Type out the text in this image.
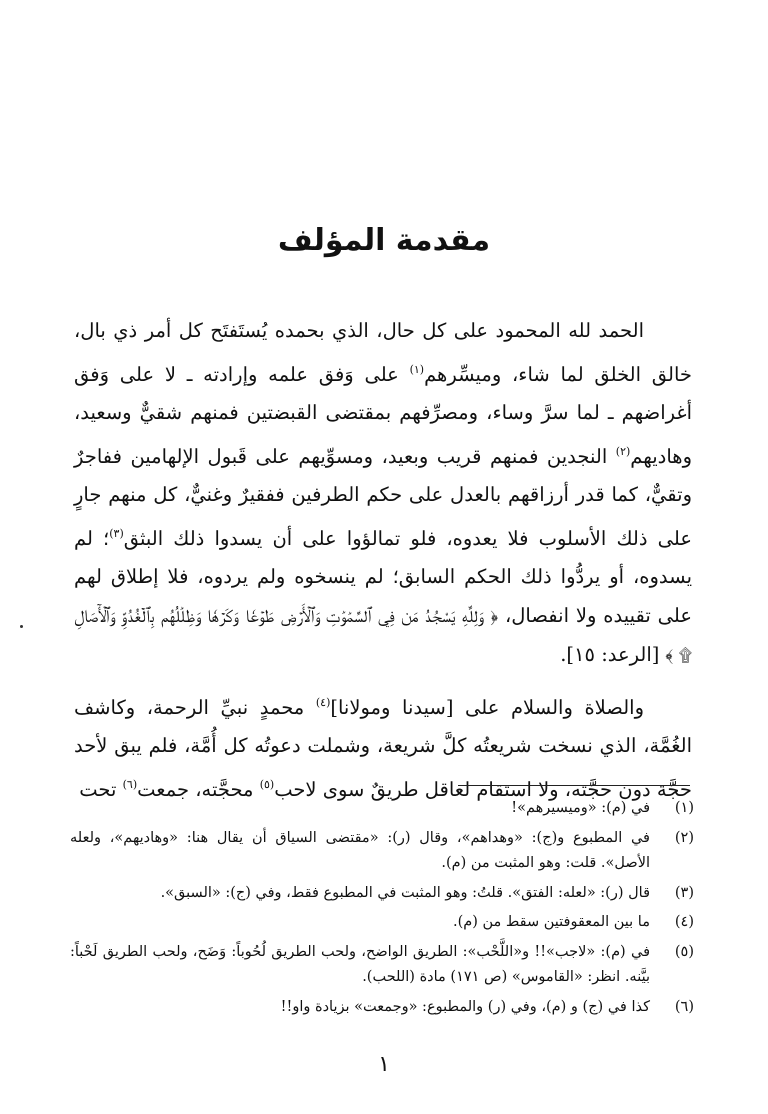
مقدمة المؤلف

الحمد لله المحمود على كل حال، الذي بحمده يُستَفتَح كل أمر ذي بال، خالق الخلق لما شاء، وميسِّرهم$^{(١)}$ على وَفق علمه وإرادته ـ لا على وَفق أغراضهم ـ لما سرَّ وساء، ومصرِّفهم بمقتضى القبضتين فمنهم شقيٌّ وسعيد، وهاديهم$^{(٢)}$ النجدين فمنهم قريب وبعيد، ومسوِّيهم على قَبول الإلهامين ففاجرٌ وتقيٌّ، كما قدر أرزاقهم بالعدل على حكم الطرفين ففقيرٌ وغنيٌّ، كل منهم جارٍ على ذلك الأسلوب فلا يعدوه، فلو تمالؤوا على أن يسدوا ذلك البثق$^{(٣)}$؛ لم يسدوه، أو يردُّوا ذلك الحكم السابق؛ لم ينسخوه ولم يردوه، فلا إطلاق لهم على تقييده ولا انفصال، ﴿ وَلِلَّهِ يَسْجُدُ مَن فِي ٱلسَّمَٰوَٰتِ وَٱلۡأَرۡضِ طَوۡعٗا وَكَرۡهٗا وَظِلَٰلُهُم بِٱلۡغُدُوِّ وَٱلۡأٓصَالِ ۩ ﴾[الرعد: ١٥].

والصلاة والسلام على [سيدنا ومولانا]$^{(٤)}$ محمدٍ نبيِّ الرحمة، وكاشف الغُمَّة، الذي نسخت شريعتُه كلَّ شريعة، وشملت دعوتُه كل أُمَّة، فلم يبق لأحد حجَّة دون حجَّته، ولا استقام لعاقل طريقٌ سوى لاحب$^{(٥)}$ محجَّته، جمعت$^{(٦)}$ تحت

(١)
في (م): «وميسيرهم»!
(٢)
في المطبوع و(ج): «وهداهم»، وقال (ر): «مقتضى السياق أن يقال هنا: «وهاديهم»، ولعله الأصل». قلت: وهو المثبت من (م).
(٣)
قال (ر): «لعله: الفتق». قلتُ: وهو المثبت في المطبوع فقط، وفي (ج): «السبق».
(٤)
ما بين المعقوفتين سقط من (م).
(٥)
في (م): «لاجب»!! و«اللَّحْب»: الطريق الواضح، ولحب الطريق لُحُوباً: وَضَح، ولحب الطريق لَحْباً: بيَّنه. انظر: «القاموس» (ص ١٧١) مادة (اللحب).
(٦)
كذا في (ج) و (م)، وفي (ر) والمطبوع: «وجمعت» بزيادة واو!!
١
